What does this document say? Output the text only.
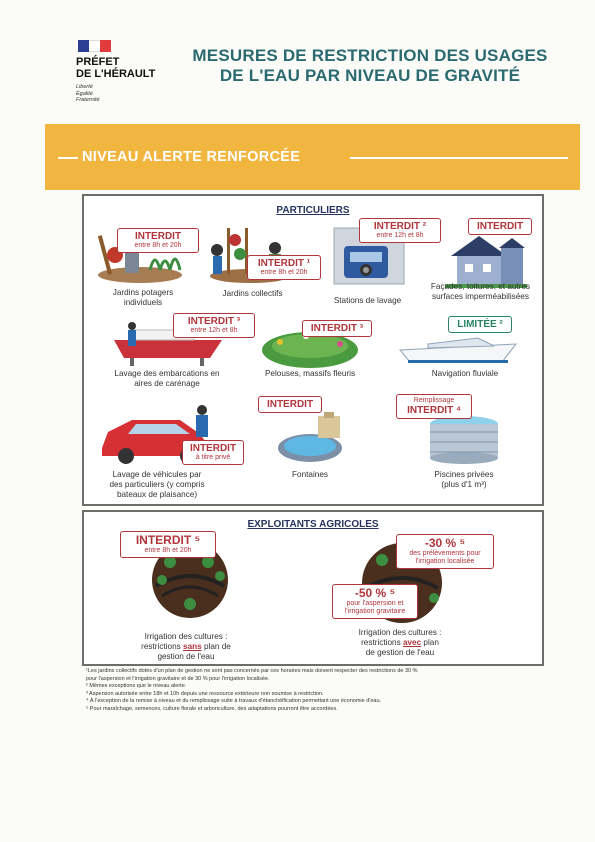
PRÉFET
DE L'HÉRAULT
Liberté
Égalité
Fraternité
MESURES DE RESTRICTION DES USAGES
DE L'EAU PAR NIVEAU DE GRAVITÉ
NIVEAU ALERTE RENFORCÉE
PARTICULIERS
INTERDIT
entre 8h et 20h
Jardins potagers
individuels
INTERDIT ¹
entre 8h et 20h
Jardins collectifs
INTERDIT ²
entre 12h et 8h
Stations de lavage
INTERDIT
Façades, toitures, et autres
surfaces imperméabilisées
INTERDIT ³
entre 12h et 8h
Lavage des embarcations en
aires de carénage
INTERDIT ³
Pelouses, massifs fleuris
LIMITÉE ²
Navigation fluviale
INTERDIT
à titre privé
Lavage de véhicules par
des particuliers (y compris
bateaux de plaisance)
INTERDIT
Fontaines
Remplissage
INTERDIT ⁴
Piscines privées
(plus d'1 m³)
EXPLOITANTS AGRICOLES
INTERDIT ⁵
entre 8h et 20h
Irrigation des cultures :
restrictions sans plan de
gestion de l'eau
-30 % ⁵
des prélèvements pour
l'irrigation localisée
-50 % ⁵
pour l'aspersion et
l'irrigation gravitaire
Irrigation des cultures :
restrictions avec plan
de gestion de l'eau
¹Les jardins collectifs dotés d'un plan de gestion ne sont pas concernés par ces horaires mais doivent respecter des restrictions de 30 %
pour l'aspersion et l'irrigation gravitaire et de 30 % pour l'irrigation localisée.
² Mêmes exceptions que le niveau alerte.
³ Aspersion autorisée entre 18h et 10h depuis une ressource extérieure non soumise à restriction.
⁴ À l'exception de la remise à niveau et du remplissage suite à travaux d'étanchéification permettant une économie d'eau.
⁵ Pour maraîchage, semences, culture florale et arboriculture, des adaptations pourront être accordées.
